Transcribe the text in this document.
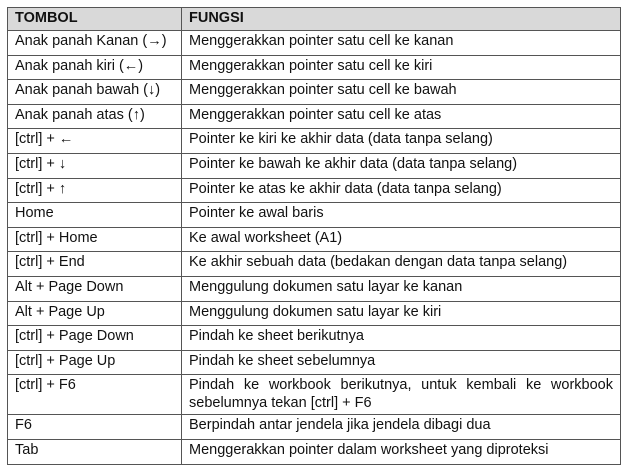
TOMBOL	FUNGSI
Anak panah Kanan (→)	Menggerakkan pointer satu cell ke kanan
Anak panah kiri (←)	Menggerakkan pointer satu cell ke kiri
Anak panah bawah (↓)	Menggerakkan pointer satu cell ke bawah
Anak panah atas (↑)	Menggerakkan pointer satu cell ke atas
[ctrl] + ←	Pointer ke kiri ke akhir data (data tanpa selang)
[ctrl] + ↓	Pointer ke bawah ke akhir data (data tanpa selang)
[ctrl] + ↑	Pointer ke atas ke akhir data (data tanpa selang)
Home	Pointer ke awal baris
[ctrl] + Home	Ke awal worksheet (A1)
[ctrl] + End	Ke akhir sebuah data (bedakan dengan data tanpa selang)
Alt + Page Down	Menggulung dokumen satu layar ke kanan
Alt + Page Up	Menggulung dokumen satu layar ke kiri
[ctrl] + Page Down	Pindah ke sheet berikutnya
[ctrl] + Page Up	Pindah ke sheet sebelumnya
[ctrl] + F6	Pindah ke workbook berikutnya, untuk kembali ke workbook sebelumnya tekan [ctrl] + F6
F6	Berpindah antar jendela jika jendela dibagi dua
Tab	Menggerakkan pointer dalam worksheet yang diproteksi
